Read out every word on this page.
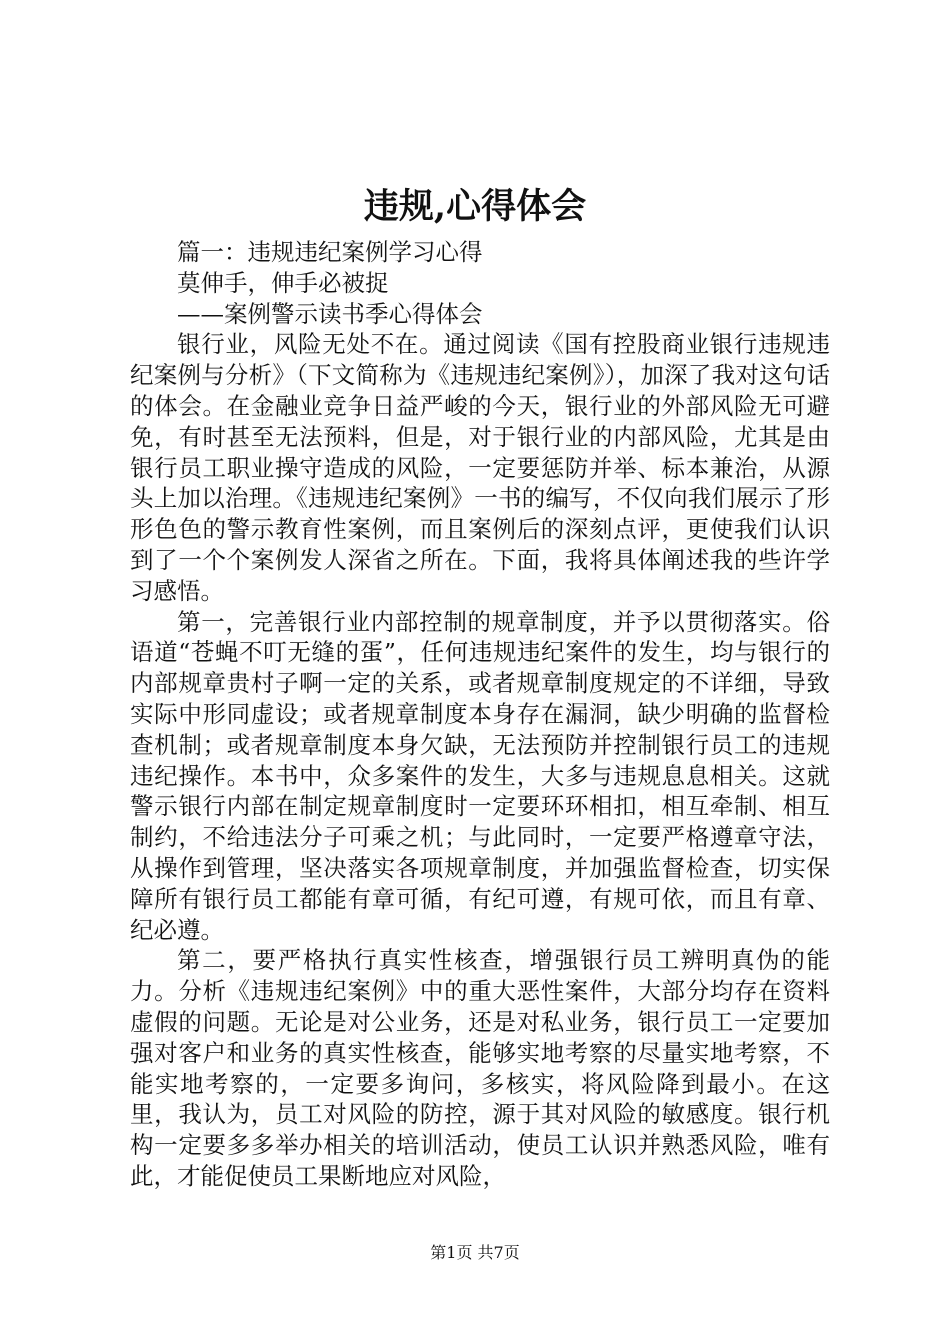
违规,心得体会

篇一：违规违纪案例学习心得

莫伸手，伸手必被捉

——案例警示读书季心得体会

银行业，风险无处不在。通过阅读《国有控股商业银行违规违纪案例与分析》（下文简称为《违规违纪案例》），加深了我对这句话的体会。在金融业竞争日益严峻的今天，银行业的外部风险无可避免，有时甚至无法预料，但是，对于银行业的内部风险，尤其是由银行员工职业操守造成的风险，一定要惩防并举、标本兼治，从源头上加以治理。《违规违纪案例》一书的编写，不仅向我们展示了形形色色的警示教育性案例，而且案例后的深刻点评，更使我们认识到了一个个案例发人深省之所在。下面，我将具体阐述我的些许学习感悟。

第一，完善银行业内部控制的规章制度，并予以贯彻落实。俗语道“苍蝇不叮无缝的蛋”，任何违规违纪案件的发生，均与银行的内部规章贵村子啊一定的关系，或者规章制度规定的不详细，导致实际中形同虚设；或者规章制度本身存在漏洞，缺少明确的监督检查机制；或者规章制度本身欠缺，无法预防并控制银行员工的违规违纪操作。本书中，众多案件的发生，大多与违规息息相关。这就警示银行内部在制定规章制度时一定要环环相扣，相互牵制、相互制约，不给违法分子可乘之机；与此同时，一定要严格遵章守法，从操作到管理，坚决落实各项规章制度，并加强监督检查，切实保障所有银行员工都能有章可循，有纪可遵，有规可依，而且有章、纪必遵。

第二，要严格执行真实性核查，增强银行员工辨明真伪的能力。分析《违规违纪案例》中的重大恶性案件，大部分均存在资料虚假的问题。无论是对公业务，还是对私业务，银行员工一定要加强对客户和业务的真实性核查，能够实地考察的尽量实地考察，不能实地考察的，一定要多询问，多核实，将风险降到最小。在这里，我认为，员工对风险的防控，源于其对风险的敏感度。银行机构一定要多多举办相关的培训活动，使员工认识并熟悉风险，唯有此，才能促使员工果断地应对风险，

第1页 共7页
